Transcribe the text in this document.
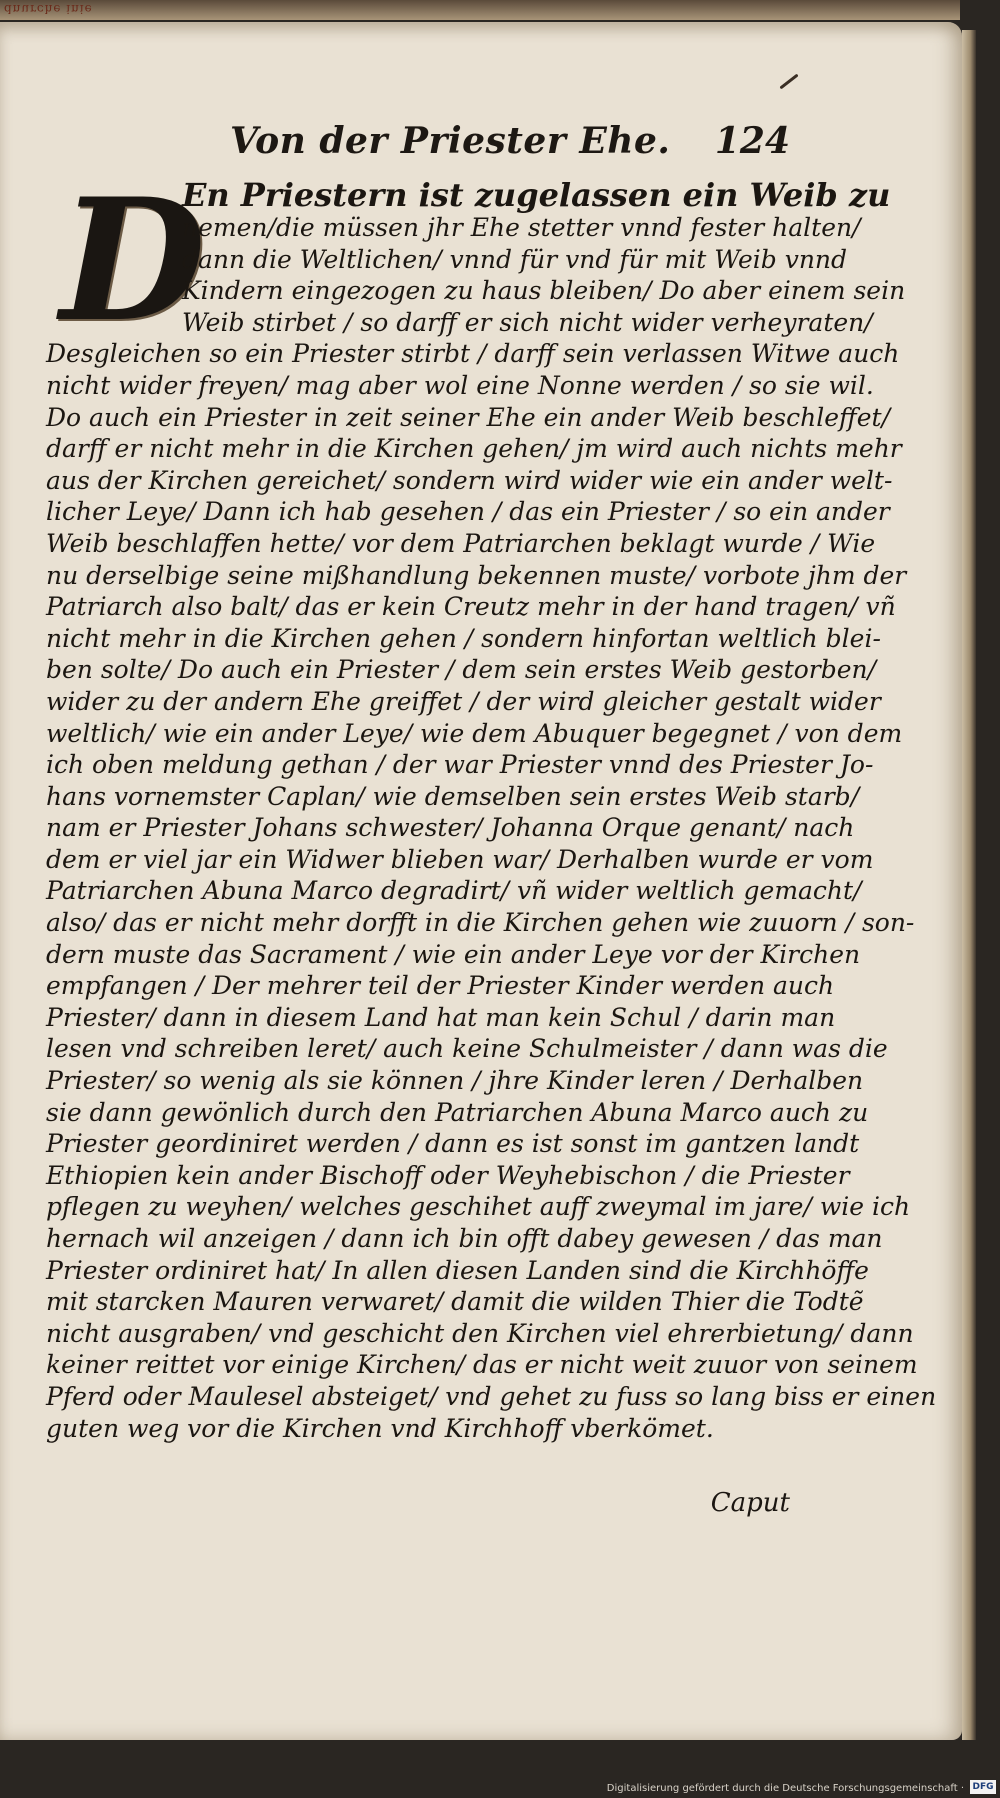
dnurche inie
Von der Priester Ehe.	124
D
En Priestern ist zugelassen ein Weib zu
nemen/die müssen jhr Ehe stetter vnnd fester halten/
dann die Weltlichen/ vnnd für vnd für mit Weib vnnd
Kindern eingezogen zu haus bleiben/ Do aber einem sein
Weib stirbet / so darff er sich nicht wider verheyraten/
Desgleichen so ein Priester stirbt / darff sein verlassen Witwe auch
nicht wider freyen/ mag aber wol eine Nonne werden / so sie wil.
Do auch ein Priester in zeit seiner Ehe ein ander Weib beschleffet/
darff er nicht mehr in die Kirchen gehen/ jm wird auch nichts mehr
aus der Kirchen gereichet/ sondern wird wider wie ein ander welt-
licher Leye/ Dann ich hab gesehen / das ein Priester / so ein ander
Weib beschlaffen hette/ vor dem Patriarchen beklagt wurde / Wie
nu derselbige seine mißhandlung bekennen muste/ vorbote jhm der
Patriarch also balt/ das er kein Creutz mehr in der hand tragen/ vñ
nicht mehr in die Kirchen gehen / sondern hinfortan weltlich blei-
ben solte/ Do auch ein Priester / dem sein erstes Weib gestorben/
wider zu der andern Ehe greiffet / der wird gleicher gestalt wider
weltlich/ wie ein ander Leye/ wie dem Abuquer begegnet / von dem
ich oben meldung gethan / der war Priester vnnd des Priester Jo-
hans vornemster Caplan/ wie demselben sein erstes Weib starb/
nam er Priester Johans schwester/ Johanna Orque genant/ nach
dem er viel jar ein Widwer blieben war/ Derhalben wurde er vom
Patriarchen Abuna Marco degradirt/ vñ wider weltlich gemacht/
also/ das er nicht mehr dorfft in die Kirchen gehen wie zuuorn / son-
dern muste das Sacrament / wie ein ander Leye vor der Kirchen
empfangen / Der mehrer teil der Priester Kinder werden auch
Priester/ dann in diesem Land hat man kein Schul / darin man
lesen vnd schreiben leret/ auch keine Schulmeister / dann was die
Priester/ so wenig als sie können / jhre Kinder leren / Derhalben
sie dann gewönlich durch den Patriarchen Abuna Marco auch zu
Priester geordiniret werden / dann es ist sonst im gantzen landt
Ethiopien kein ander Bischoff oder Weyhebischon / die Priester
pflegen zu weyhen/ welches geschihet auff zweymal im jare/ wie ich
hernach wil anzeigen / dann ich bin offt dabey gewesen / das man
Priester ordiniret hat/ In allen diesen Landen sind die Kirchhöffe
mit starcken Mauren verwaret/ damit die wilden Thier die Todtẽ
nicht ausgraben/ vnd geschicht den Kirchen viel ehrerbietung/ dann
keiner reittet vor einige Kirchen/ das er nicht weit zuuor von seinem
Pferd oder Maulesel absteiget/ vnd gehet zu fuss so lang biss er einen
guten weg vor die Kirchen vnd Kirchhoff vberkömet.
Caput
Digitalisierung gefördert durch die Deutsche Forschungsgemeinschaft · DFG
